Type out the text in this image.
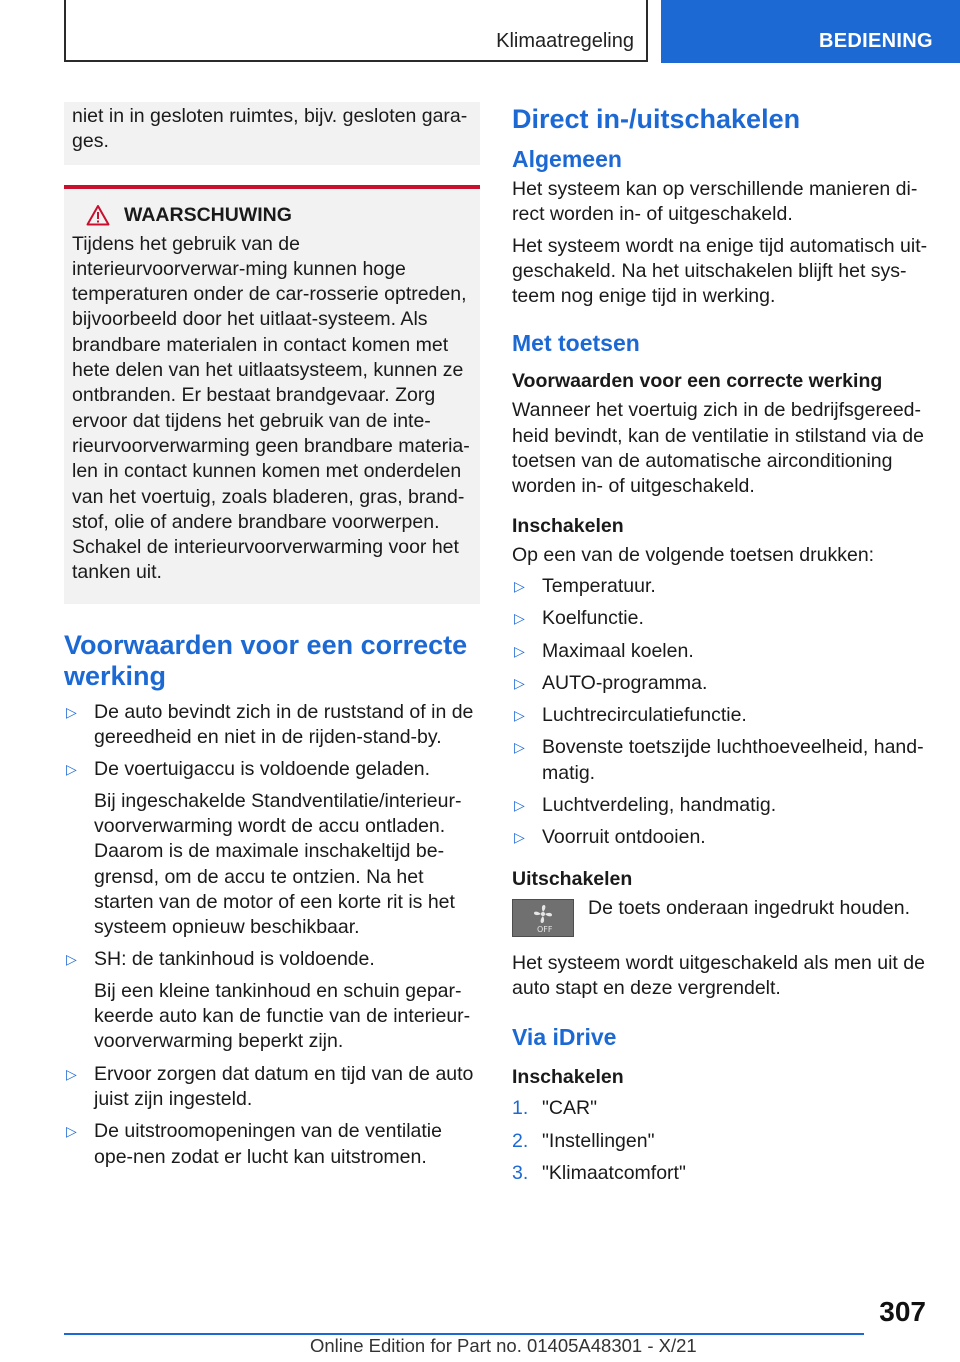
Klimaatregeling	BEDIENING

niet in in gesloten ruimtes, bijv. gesloten gara-ges.

WAARSCHUWING

Tijdens het gebruik van de interieurvoorverwar-ming kunnen hoge temperaturen onder de car-rosserie optreden, bijvoorbeeld door het uitlaat-systeem. Als brandbare materialen in contact komen met hete delen van het uitlaatsysteem, kunnen ze ontbranden. Er bestaat brandgevaar. Zorg ervoor dat tijdens het gebruik van de inte-rieurvoorverwarming geen brandbare materia-len in contact kunnen komen met onderdelen van het voertuig, zoals bladeren, gras, brand-stof, olie of andere brandbare voorwerpen. Schakel de interieurvoorverwarming voor het tanken uit.

Voorwaarden voor een correcte werking
▷ De auto bevindt zich in de ruststand of in de gereedheid en niet in de rijden-stand-by.
▷ De voertuigaccu is voldoende geladen.
Bij ingeschakelde Standventilatie/interieur-voorverwarming wordt de accu ontladen. Daarom is de maximale inschakeltijd be-grensd, om de accu te ontzien. Na het starten van de motor of een korte rit is het systeem opnieuw beschikbaar.
▷ SH: de tankinhoud is voldoende.
Bij een kleine tankinhoud en schuin gepar-keerde auto kan de functie van de interieur-voorverwarming beperkt zijn.
▷ Ervoor zorgen dat datum en tijd van de auto juist zijn ingesteld.
▷ De uitstroomopeningen van de ventilatie ope-nen zodat er lucht kan uitstromen.
Direct in-/uitschakelen
Algemeen

Het systeem kan op verschillende manieren di-rect worden in- of uitgeschakeld.

Het systeem wordt na enige tijd automatisch uit-geschakeld. Na het uitschakelen blijft het sys-teem nog enige tijd in werking.

Met toetsen
Voorwaarden voor een correcte werking

Wanneer het voertuig zich in de bedrijfsgereed-heid bevindt, kan de ventilatie in stilstand via de toetsen van de automatische airconditioning worden in- of uitgeschakeld.

Inschakelen

Op een van de volgende toetsen drukken:

▷ Temperatuur.
▷ Koelfunctie.
▷ Maximaal koelen.
▷ AUTO-programma.
▷ Luchtrecirculatiefunctie.
▷ Bovenste toetszijde luchthoeveelheid, hand-matig.
▷ Luchtverdeling, handmatig.
▷ Voorruit ontdooien.
Uitschakelen
OFF

De toets onderaan ingedrukt houden.

Het systeem wordt uitgeschakeld als men uit de auto stapt en deze vergrendelt.

Via iDrive
Inschakelen
1. "CAR"
2. "Instellingen"
3. "Klimaatcomfort"
307
Online Edition for Part no. 01405A48301 - X/21
